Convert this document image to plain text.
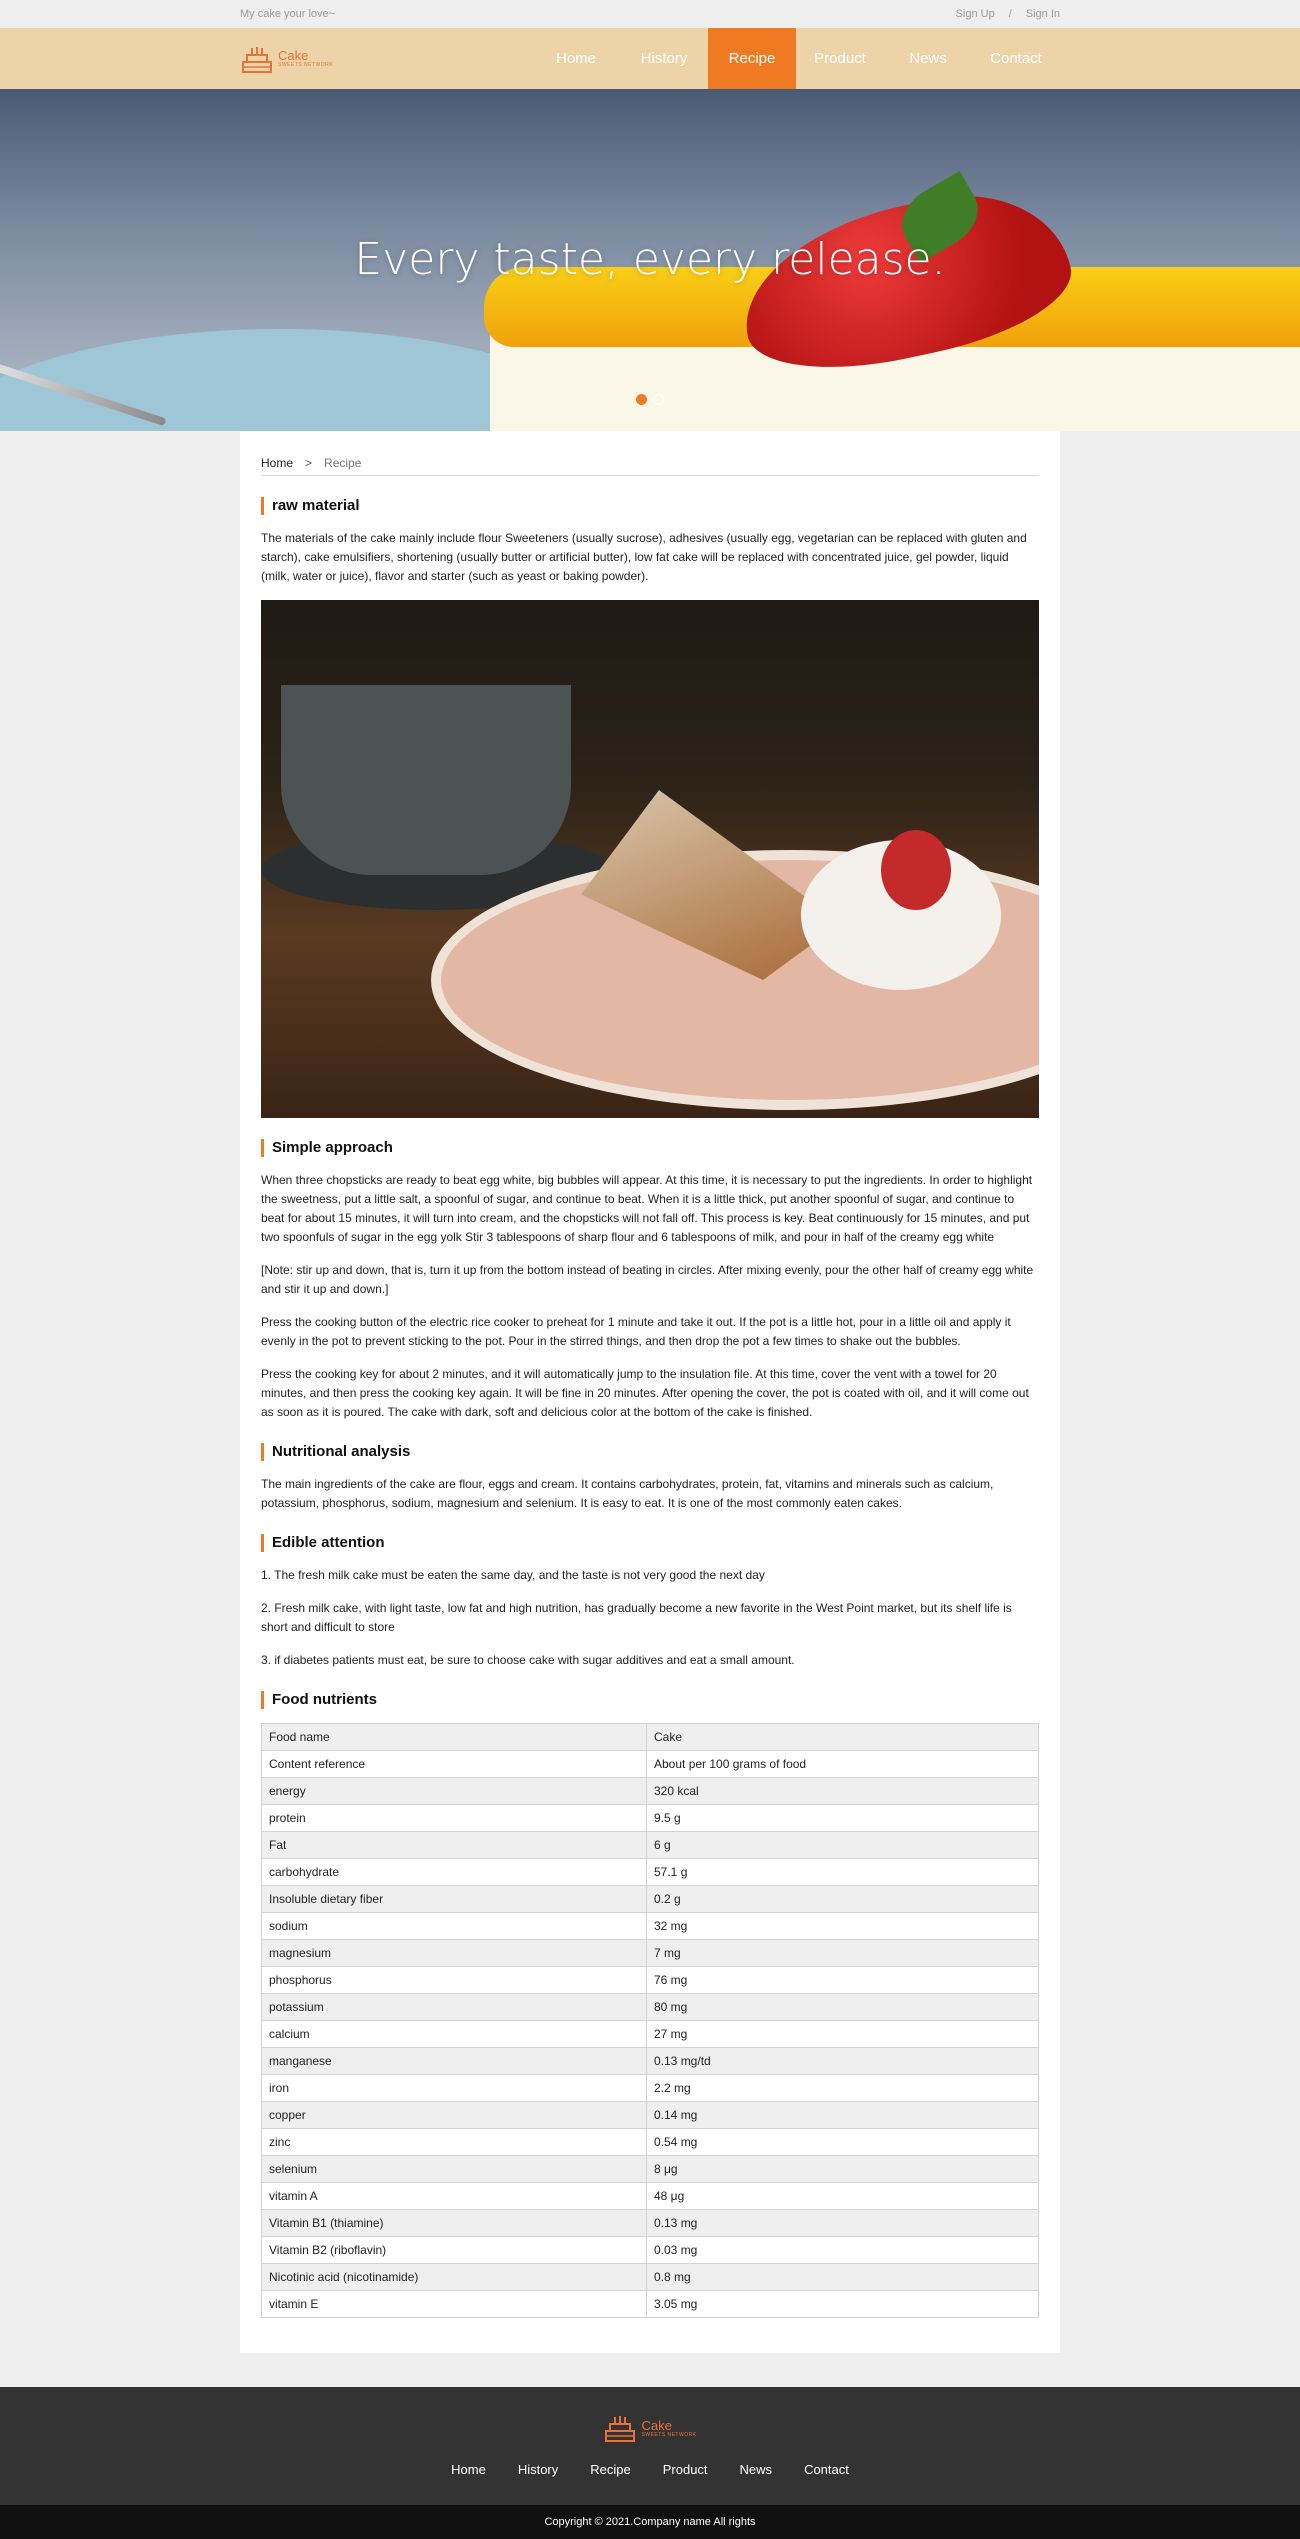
My cake your love~	Sign Up / Sign In
Cake
SWEETS NETWORK	Home	History	Recipe	Product	News	Contact
Every taste, every release.
Home > Recipe
raw material

The materials of the cake mainly include flour Sweeteners (usually sucrose), adhesives (usually egg, vegetarian can be replaced with gluten and starch), cake emulsifiers, shortening (usually butter or artificial butter), low fat cake will be replaced with concentrated juice, gel powder, liquid (milk, water or juice), flavor and starter (such as yeast or baking powder).

Simple approach

When three chopsticks are ready to beat egg white, big bubbles will appear. At this time, it is necessary to put the ingredients. In order to highlight the sweetness, put a little salt, a spoonful of sugar, and continue to beat. When it is a little thick, put another spoonful of sugar, and continue to beat for about 15 minutes, it will turn into cream, and the chopsticks will not fall off. This process is key. Beat continuously for 15 minutes, and put two spoonfuls of sugar in the egg yolk Stir 3 tablespoons of sharp flour and 6 tablespoons of milk, and pour in half of the creamy egg white

[Note: stir up and down, that is, turn it up from the bottom instead of beating in circles. After mixing evenly, pour the other half of creamy egg white and stir it up and down.]

Press the cooking button of the electric rice cooker to preheat for 1 minute and take it out. If the pot is a little hot, pour in a little oil and apply it evenly in the pot to prevent sticking to the pot. Pour in the stirred things, and then drop the pot a few times to shake out the bubbles.

Press the cooking key for about 2 minutes, and it will automatically jump to the insulation file. At this time, cover the vent with a towel for 20 minutes, and then press the cooking key again. It will be fine in 20 minutes. After opening the cover, the pot is coated with oil, and it will come out as soon as it is poured. The cake with dark, soft and delicious color at the bottom of the cake is finished.

Nutritional analysis

The main ingredients of the cake are flour, eggs and cream. It contains carbohydrates, protein, fat, vitamins and minerals such as calcium, potassium, phosphorus, sodium, magnesium and selenium. It is easy to eat. It is one of the most commonly eaten cakes.

Edible attention

1. The fresh milk cake must be eaten the same day, and the taste is not very good the next day

2. Fresh milk cake, with light taste, low fat and high nutrition, has gradually become a new favorite in the West Point market, but its shelf life is short and difficult to store

3. if diabetes patients must eat, be sure to choose cake with sugar additives and eat a small amount.

Food nutrients
Food name	Cake
Content reference	About per 100 grams of food
energy	320 kcal
protein	9.5 g
Fat	6 g
carbohydrate	57.1 g
Insoluble dietary fiber	0.2 g
sodium	32 mg
magnesium	7 mg
phosphorus	76 mg
potassium	80 mg
calcium	27 mg
manganese	0.13 mg/td
iron	2.2 mg
copper	0.14 mg
zinc	0.54 mg
selenium	8 μg
vitamin A	48 μg
Vitamin B1 (thiamine)	0.13 mg
Vitamin B2 (riboflavin)	0.03 mg
Nicotinic acid (nicotinamide)	0.8 mg
vitamin E	3.05 mg
Cake
SWEETS NETWORK
Home History Recipe Product News Contact
Copyright © 2021.Company name All rights
